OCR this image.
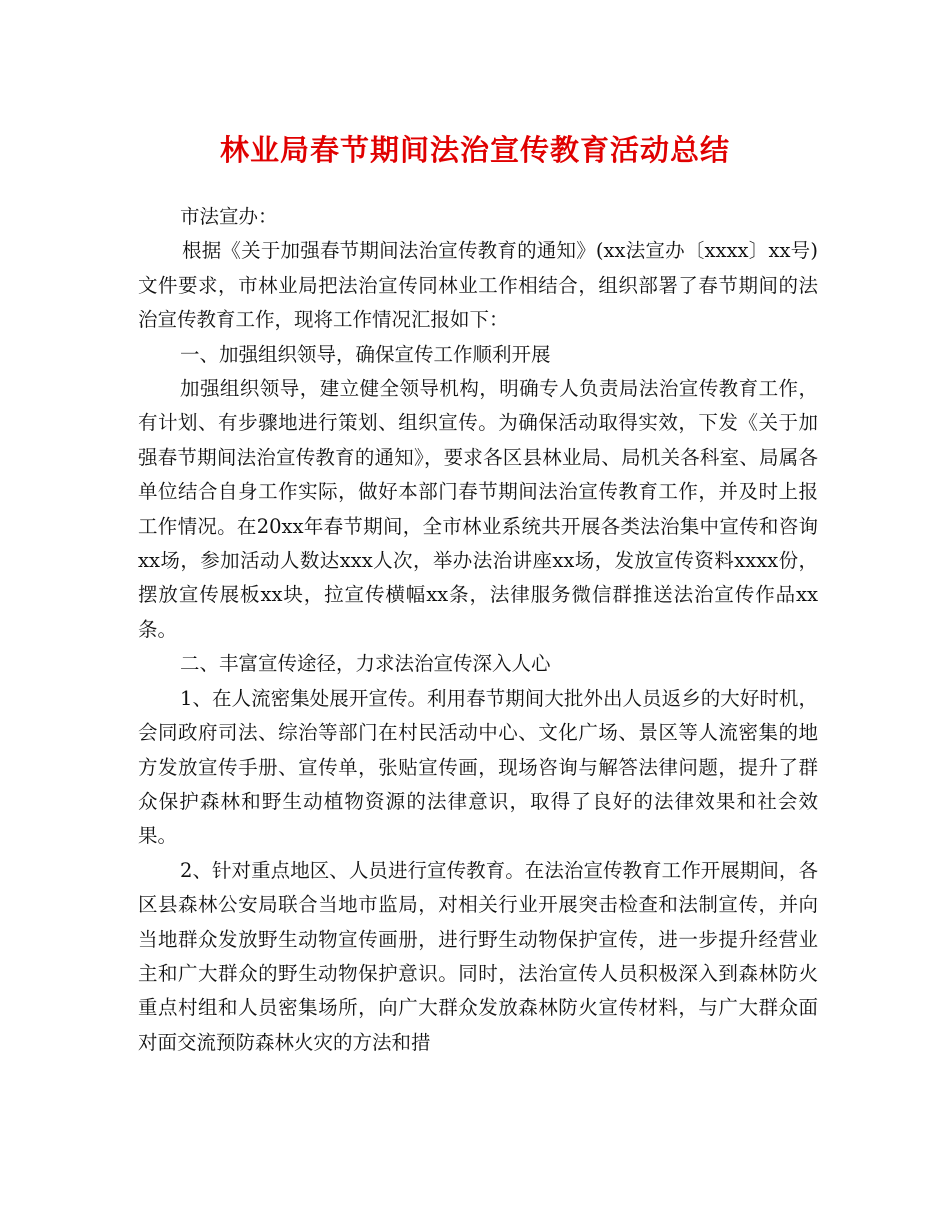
林业局春节期间法治宣传教育活动总结

市法宣办：

根据《关于加强春节期间法治宣传教育的通知》(xx法宣办〔xxxx〕xx号)文件要求，市林业局把法治宣传同林业工作相结合，组织部署了春节期间的法治宣传教育工作，现将工作情况汇报如下：

一、加强组织领导，确保宣传工作顺利开展

加强组织领导，建立健全领导机构，明确专人负责局法治宣传教育工作，有计划、有步骤地进行策划、组织宣传。为确保活动取得实效，下发《关于加强春节期间法治宣传教育的通知》，要求各区县林业局、局机关各科室、局属各单位结合自身工作实际，做好本部门春节期间法治宣传教育工作，并及时上报工作情况。在20xx年春节期间，全市林业系统共开展各类法治集中宣传和咨询xx场，参加活动人数达xxx人次，举办法治讲座xx场，发放宣传资料xxxx份，摆放宣传展板xx块，拉宣传横幅xx条，法律服务微信群推送法治宣传作品xx条。

二、丰富宣传途径，力求法治宣传深入人心

1、在人流密集处展开宣传。利用春节期间大批外出人员返乡的大好时机，会同政府司法、综治等部门在村民活动中心、文化广场、景区等人流密集的地方发放宣传手册、宣传单，张贴宣传画，现场咨询与解答法律问题，提升了群众保护森林和野生动植物资源的法律意识，取得了良好的法律效果和社会效果。

2、针对重点地区、人员进行宣传教育。在法治宣传教育工作开展期间，各区县森林公安局联合当地市监局，对相关行业开展突击检查和法制宣传，并向当地群众发放野生动物宣传画册，进行野生动物保护宣传，进一步提升经营业主和广大群众的野生动物保护意识。同时，法治宣传人员积极深入到森林防火重点村组和人员密集场所，向广大群众发放森林防火宣传材料，与广大群众面对面交流预防森林火灾的方法和措
